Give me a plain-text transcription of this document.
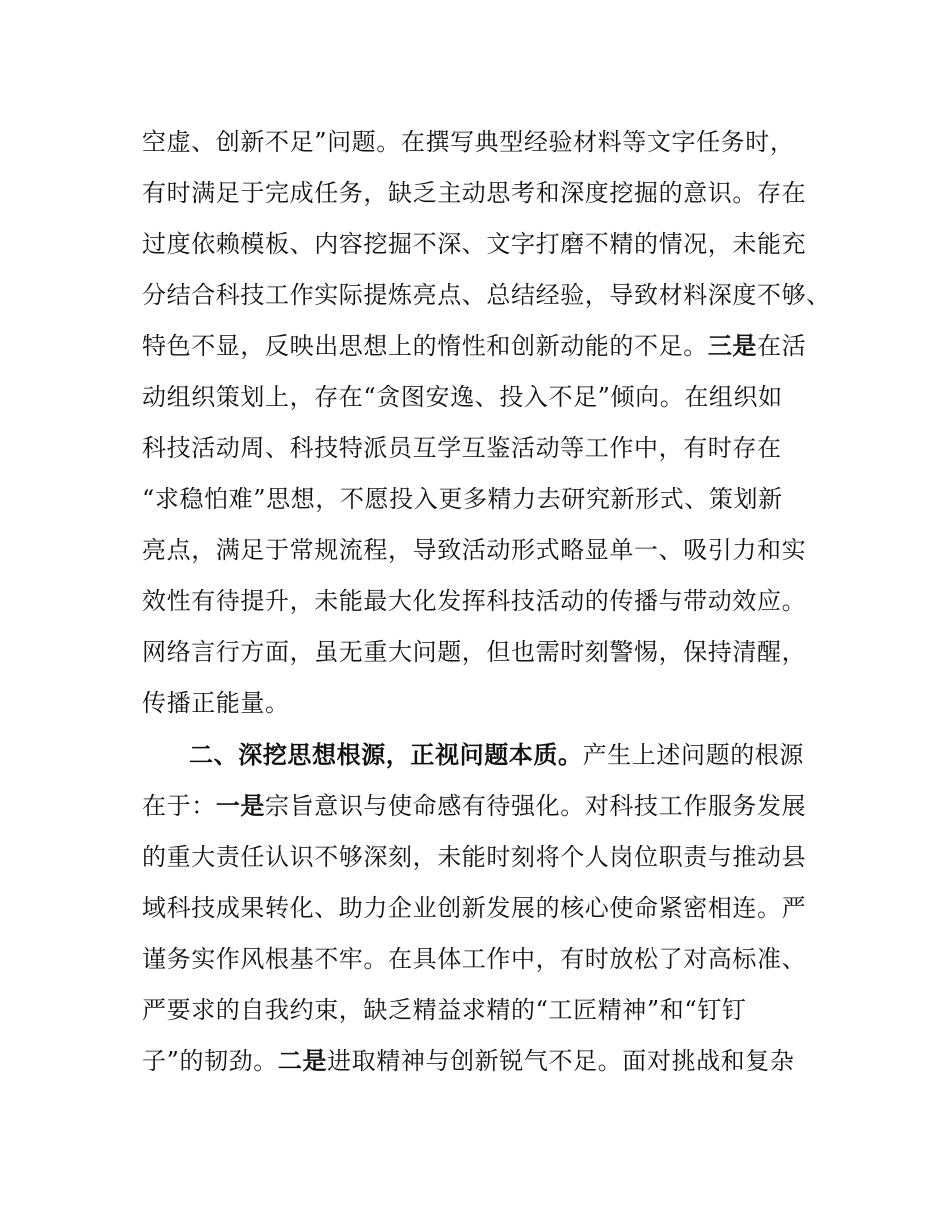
空虚、创新不足”问题。在撰写典型经验材料等文字任务时，
有时满足于完成任务，缺乏主动思考和深度挖掘的意识。存在
过度依赖模板、内容挖掘不深、文字打磨不精的情况，未能充
分结合科技工作实际提炼亮点、总结经验，导致材料深度不够、
特色不显，反映出思想上的惰性和创新动能的不足。三是在活
动组织策划上，存在“贪图安逸、投入不足”倾向。在组织如
科技活动周、科技特派员互学互鉴活动等工作中，有时存在
“求稳怕难”思想，不愿投入更多精力去研究新形式、策划新
亮点，满足于常规流程，导致活动形式略显单一、吸引力和实
效性有待提升，未能最大化发挥科技活动的传播与带动效应。
网络言行方面，虽无重大问题，但也需时刻警惕，保持清醒，
传播正能量。
二、深挖思想根源，正视问题本质。产生上述问题的根源
在于：一是宗旨意识与使命感有待强化。对科技工作服务发展
的重大责任认识不够深刻，未能时刻将个人岗位职责与推动县
域科技成果转化、助力企业创新发展的核心使命紧密相连。严
谨务实作风根基不牢。在具体工作中，有时放松了对高标准、
严要求的自我约束，缺乏精益求精的“工匠精神”和“钉钉
子”的韧劲。二是进取精神与创新锐气不足。面对挑战和复杂
